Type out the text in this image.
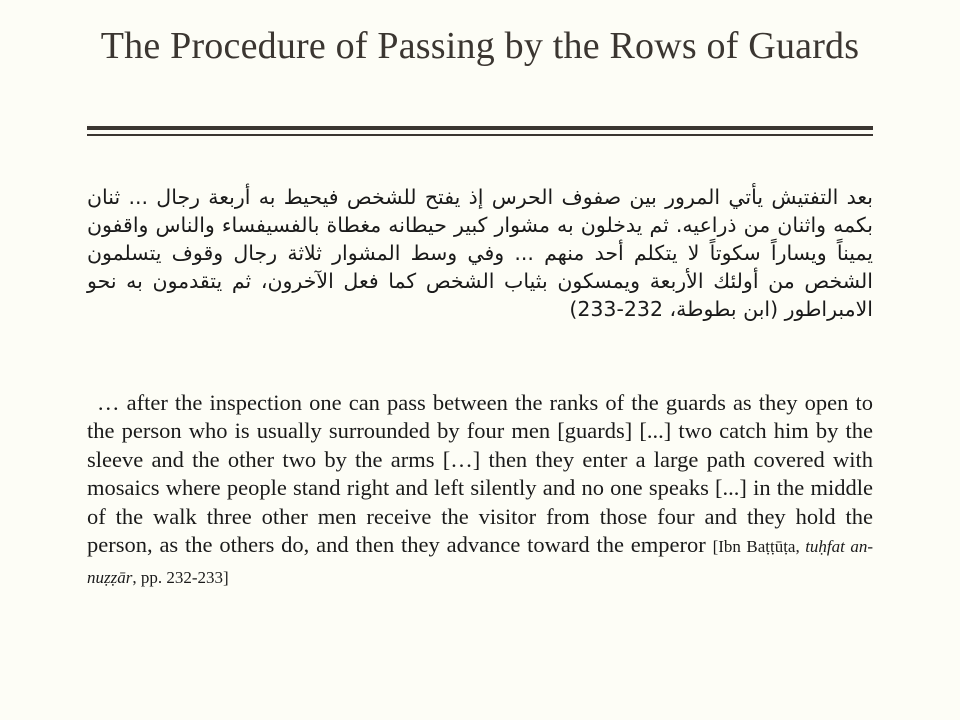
The Procedure of Passing by the Rows of Guards

بعد التفتيش يأتي المرور بين صفوف الحرس إذ يفتح للشخص فيحيط به أربعة رجال ... ثنان بكمه واثنان من ذراعيه. ثم يدخلون به مشوار كبير حيطانه مغطاة بالفسيفساء والناس واقفون يميناً ويساراً سكوتاً لا يتكلم أحد منهم ... وفي وسط المشوار ثلاثة رجال وقوف يتسلمون الشخص من أولئك الأربعة ويمسكون بثياب الشخص كما فعل الآخرون، ثم يتقدمون به نحو الامبراطور (ابن بطوطة، 232-233)

… after the inspection one can pass between the ranks of the guards as they open to the person who is usually surrounded by four men [guards] [...] two catch him by the sleeve and the other two by the arms […] then they enter a large path covered with mosaics where people stand right and left silently and no one speaks [...] in the middle of the walk three other men receive the visitor from those four and they hold the person, as the others do, and then they advance toward the emperor [Ibn Baṭṭūṭa, tuḥfat an-nuẓẓār, pp. 232-233]
